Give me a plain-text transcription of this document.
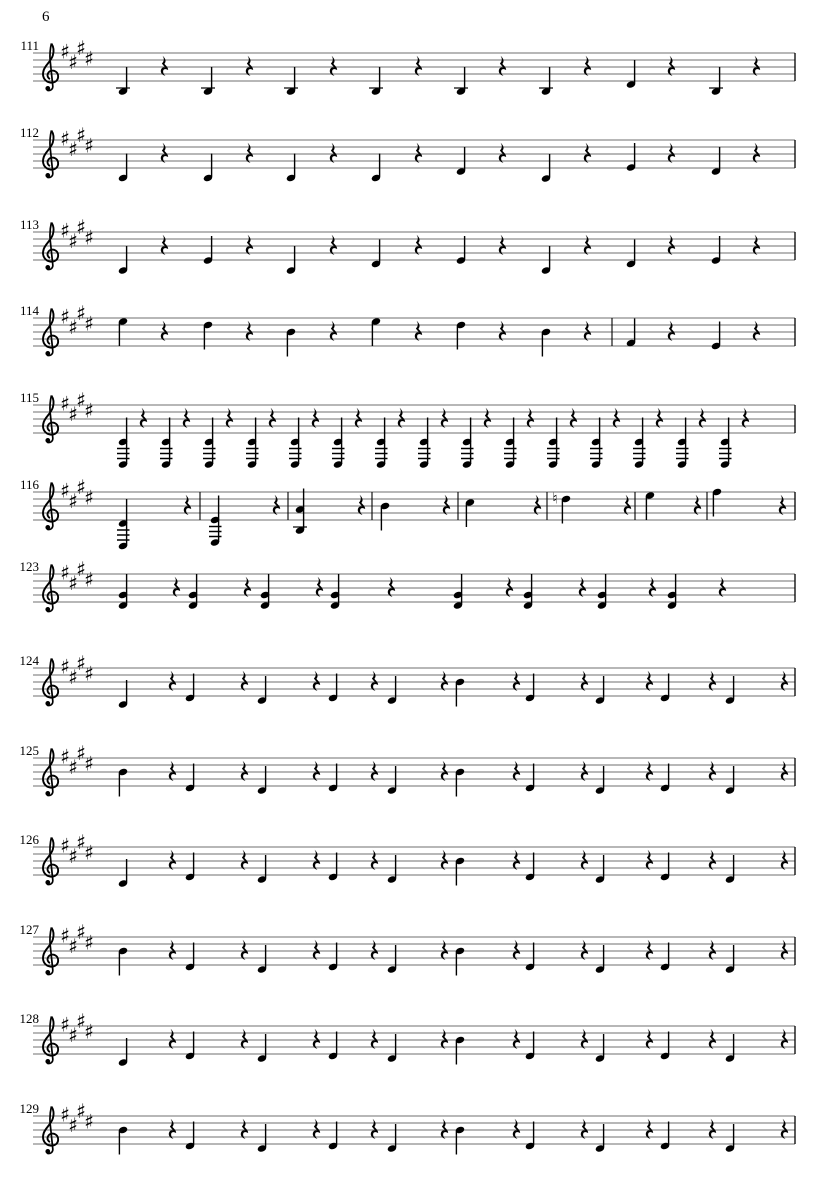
6
111 ♯
♯
♯
♯
112 ♯
♯
♯
♯
113 ♯
♯
♯
♯
114 ♯
♯
♯
♯
115 ♯
♯
♯
♯
116 ♯
♯
♯
♯	♮
123 ♯
♯
♯
♯
124 ♯
♯
♯
♯
125 ♯
♯
♯
♯
126 ♯
♯
♯
♯
127 ♯
♯
♯
♯
128 ♯
♯
♯
♯
129 ♯
♯
♯
♯
